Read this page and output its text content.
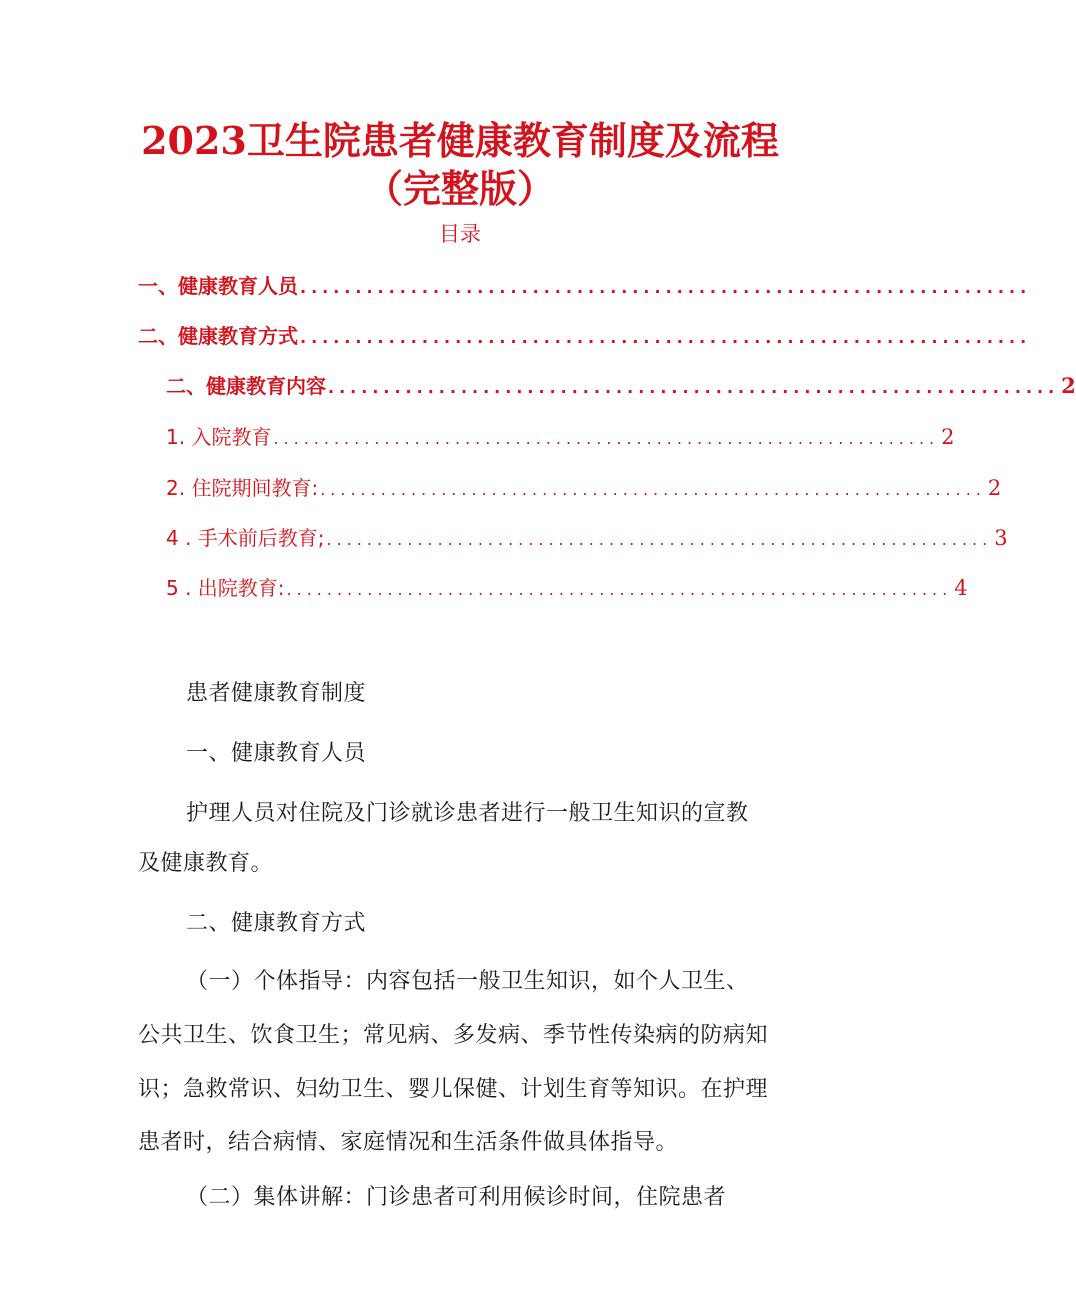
2023卫生院患者健康教育制度及流程
（完整版）
目录
一、健康教育人员 ..................................................................
二、健康教育方式 ..................................................................
二、健康教育内容 .................................................................. 2
1. 入院教育 .................................................................. 2
2. 住院期间教育: .................................................................. 2
4 . 手术前后教育; .................................................................. 3
5 . 出院教育: .................................................................. 4
患者健康教育制度
一、健康教育人员
护理人员对住院及门诊就诊患者进行一般卫生知识的宣教
及健康教育。
二、健康教育方式
（一）个体指导：内容包括一般卫生知识，如个人卫生、
公共卫生、饮食卫生；常见病、多发病、季节性传染病的防病知
识；急救常识、妇幼卫生、婴儿保健、计划生育等知识。在护理
患者时，结合病情、家庭情况和生活条件做具体指导。
（二）集体讲解：门诊患者可利用候诊时间，住院患者
